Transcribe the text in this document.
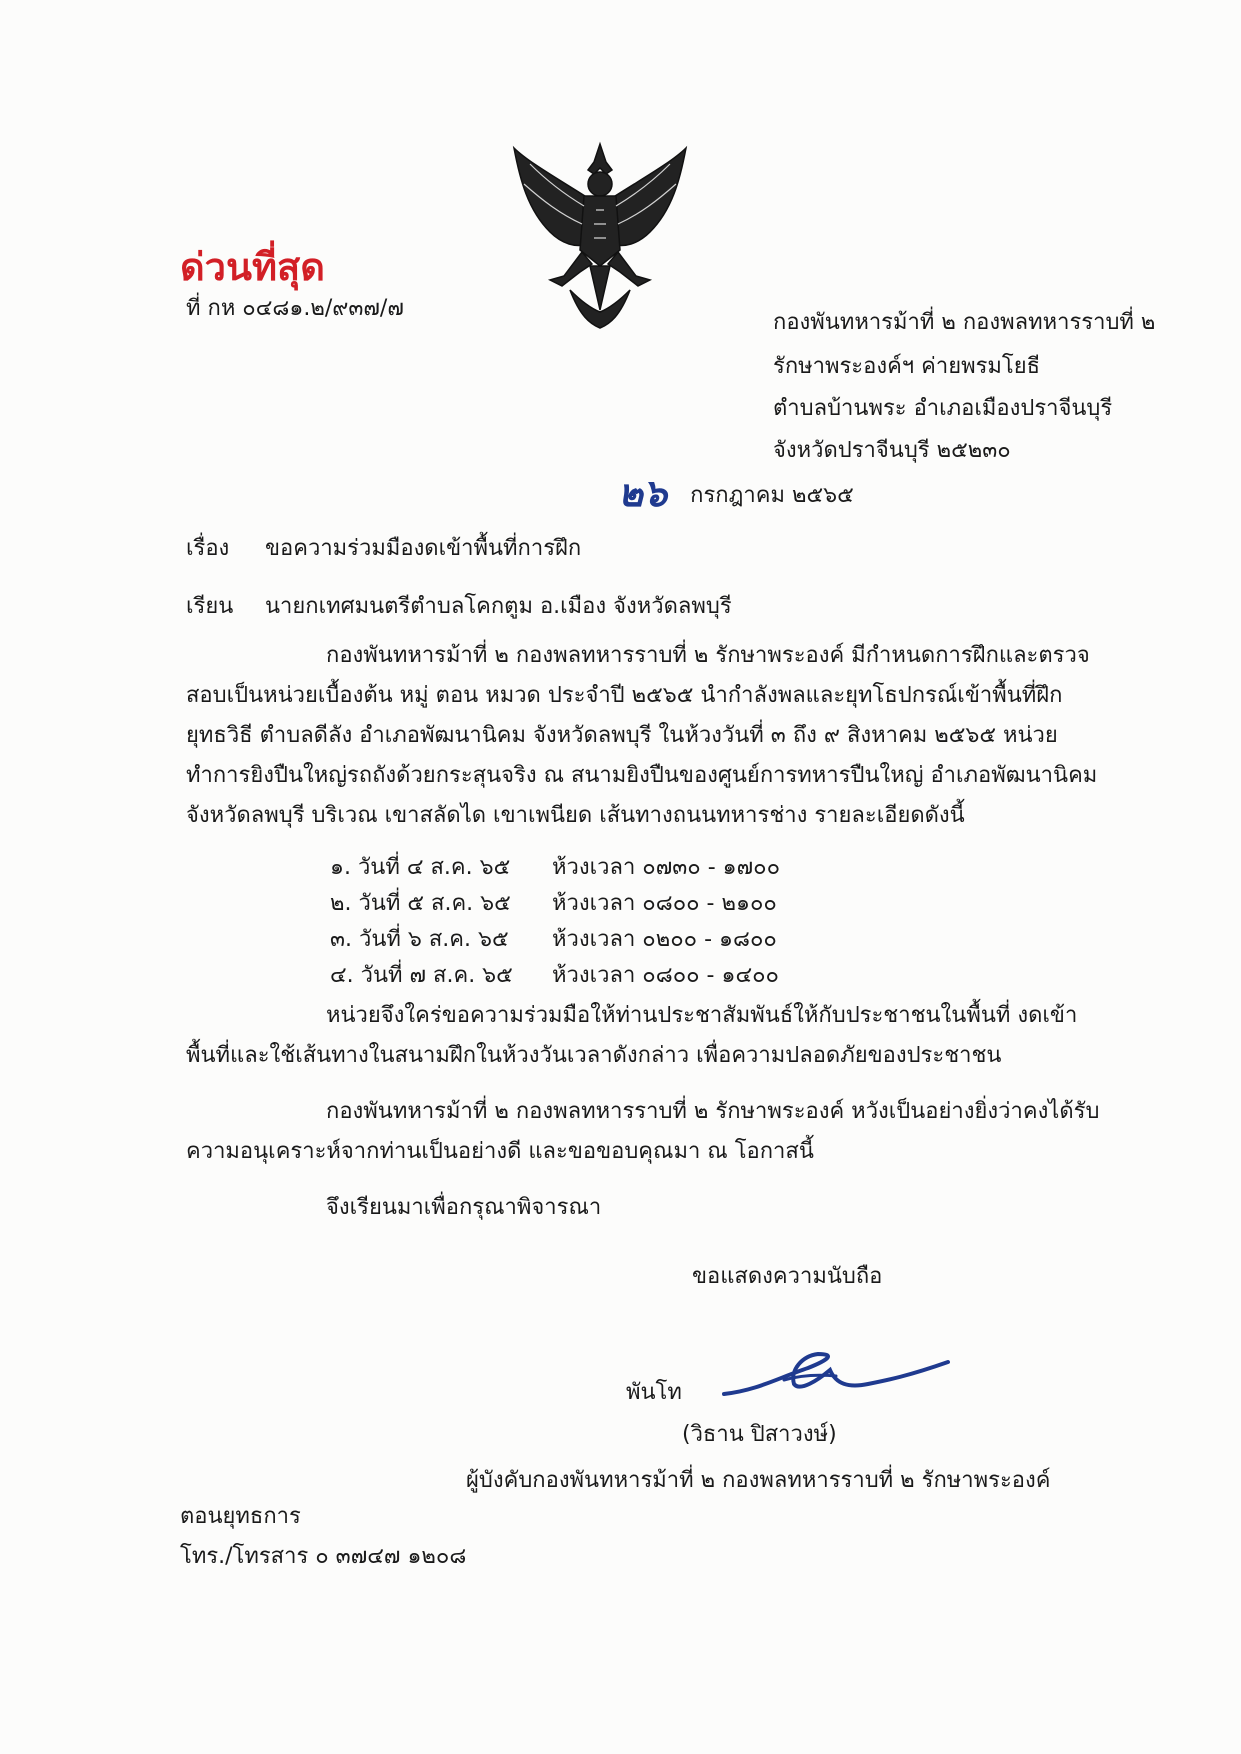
ด่วนที่สุด
ที่ กห ๐๔๘๑.๒/๙๓๗/๗
กองพันทหารม้าที่ ๒ กองพลทหารราบที่ ๒
รักษาพระองค์ฯ ค่ายพรมโยธี
ตำบลบ้านพระ อำเภอเมืองปราจีนบุรี
จังหวัดปราจีนบุรี ๒๕๒๓๐
๒๖ กรกฎาคม ๒๕๖๕
เรื่อง ขอความร่วมมืองดเข้าพื้นที่การฝึก
เรียน นายกเทศมนตรีตำบลโคกตูม อ.เมือง จังหวัดลพบุรี
กองพันทหารม้าที่ ๒ กองพลทหารราบที่ ๒ รักษาพระองค์ มีกำหนดการฝึกและตรวจสอบเป็นหน่วยเบื้องต้น หมู่ ตอน หมวด ประจำปี ๒๕๖๕ นำกำลังพลและยุทโธปกรณ์เข้าพื้นที่ฝึกยุทธวิธี ตำบลดีลัง อำเภอพัฒนานิคม จังหวัดลพบุรี ในห้วงวันที่ ๓ ถึง ๙ สิงหาคม ๒๕๖๕ หน่วยทำการยิงปืนใหญ่รถถังด้วยกระสุนจริง ณ สนามยิงปืนของศูนย์การทหารปืนใหญ่ อำเภอพัฒนานิคม จังหวัดลพบุรี บริเวณ เขาสลัดได เขาเพนียด เส้นทางถนนทหารช่าง รายละเอียดดังนี้
๑. วันที่ ๔ ส.ค. ๖๕	ห้วงเวลา ๐๗๓๐ - ๑๗๐๐
๒. วันที่ ๕ ส.ค. ๖๕	ห้วงเวลา ๐๘๐๐ - ๒๑๐๐
๓. วันที่ ๖ ส.ค. ๖๕	ห้วงเวลา ๐๒๐๐ - ๑๘๐๐
๔. วันที่ ๗ ส.ค. ๖๕	ห้วงเวลา ๐๘๐๐ - ๑๔๐๐
หน่วยจึงใคร่ขอความร่วมมือให้ท่านประชาสัมพันธ์ให้กับประชาชนในพื้นที่ งดเข้าพื้นที่และใช้เส้นทางในสนามฝึกในห้วงวันเวลาดังกล่าว เพื่อความปลอดภัยของประชาชน
กองพันทหารม้าที่ ๒ กองพลทหารราบที่ ๒ รักษาพระองค์ หวังเป็นอย่างยิ่งว่าคงได้รับความอนุเคราะห์จากท่านเป็นอย่างดี และขอขอบคุณมา ณ โอกาสนี้
จึงเรียนมาเพื่อกรุณาพิจารณา
ขอแสดงความนับถือ
พันโท
(วิธาน ปิสาวงษ์)
ผู้บังคับกองพันทหารม้าที่ ๒ กองพลทหารราบที่ ๒ รักษาพระองค์
ตอนยุทธการ
โทร./โทรสาร ๐ ๓๗๔๗ ๑๒๐๘
